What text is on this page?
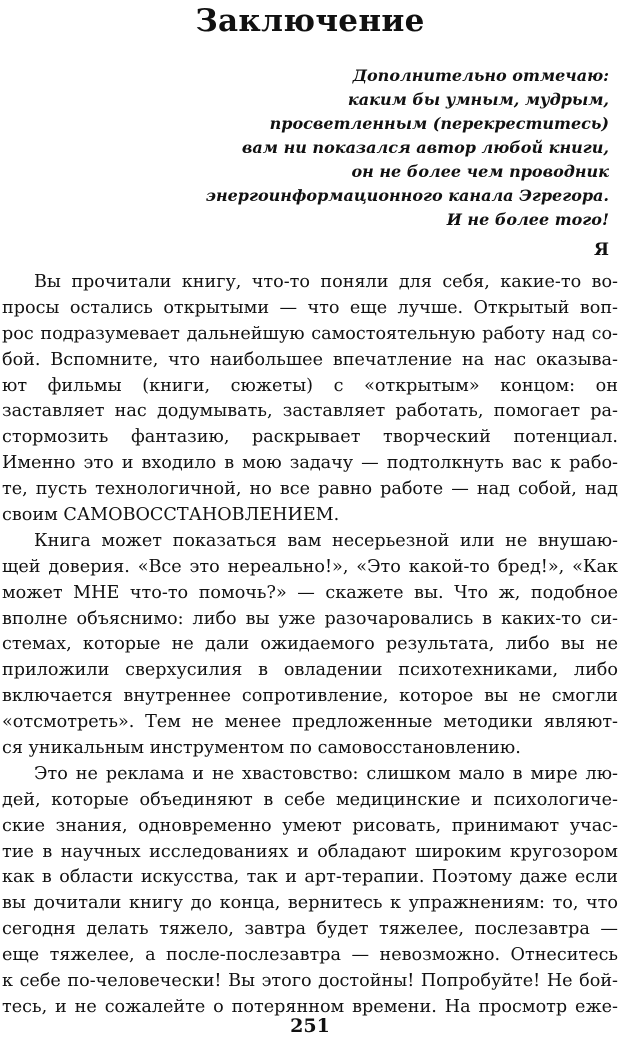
Заключение
Дополнительно отмечаю:
каким бы умным, мудрым,
просветленным (перекреститесь)
вам ни показался автор любой книги,
он не более чем проводник
энергоинформационного канала Эгрегора.
И не более того!
Я
Вы прочитали книгу, что-то поняли для себя, какие-то во-
просы остались открытыми — что еще лучше. Открытый воп-
рос подразумевает дальнейшую самостоятельную работу над со-
бой. Вспомните, что наибольшее впечатление на нас оказыва-
ют фильмы (книги, сюжеты) с «открытым» концом: он
заставляет нас додумывать, заставляет работать, помогает ра-
стормозить фантазию, раскрывает творческий потенциал.
Именно это и входило в мою задачу — подтолкнуть вас к рабо-
те, пусть технологичной, но все равно работе — над собой, над
своим САМОВОССТАНОВЛЕНИЕМ.
Книга может показаться вам несерьезной или не внушаю-
щей доверия. «Все это нереально!», «Это какой-то бред!», «Как
может МНЕ что-то помочь?» — скажете вы. Что ж, подобное
вполне объяснимо: либо вы уже разочаровались в каких-то си-
стемах, которые не дали ожидаемого результата, либо вы не
приложили сверхусилия в овладении психотехниками, либо
включается внутреннее сопротивление, которое вы не смогли
«отсмотреть». Тем не менее предложенные методики являют-
ся уникальным инструментом по самовосстановлению.
Это не реклама и не хвастовство: слишком мало в мире лю-
дей, которые объединяют в себе медицинские и психологиче-
ские знания, одновременно умеют рисовать, принимают учас-
тие в научных исследованиях и обладают широким кругозором
как в области искусства, так и арт-терапии. Поэтому даже если
вы дочитали книгу до конца, вернитесь к упражнениям: то, что
сегодня делать тяжело, завтра будет тяжелее, послезавтра —
еще тяжелее, а после-послезавтра — невозможно. Отнеситесь
к себе по-человечески! Вы этого достойны! Попробуйте! Не бой-
тесь, и не сожалейте о потерянном времени. На просмотр еже-
251
